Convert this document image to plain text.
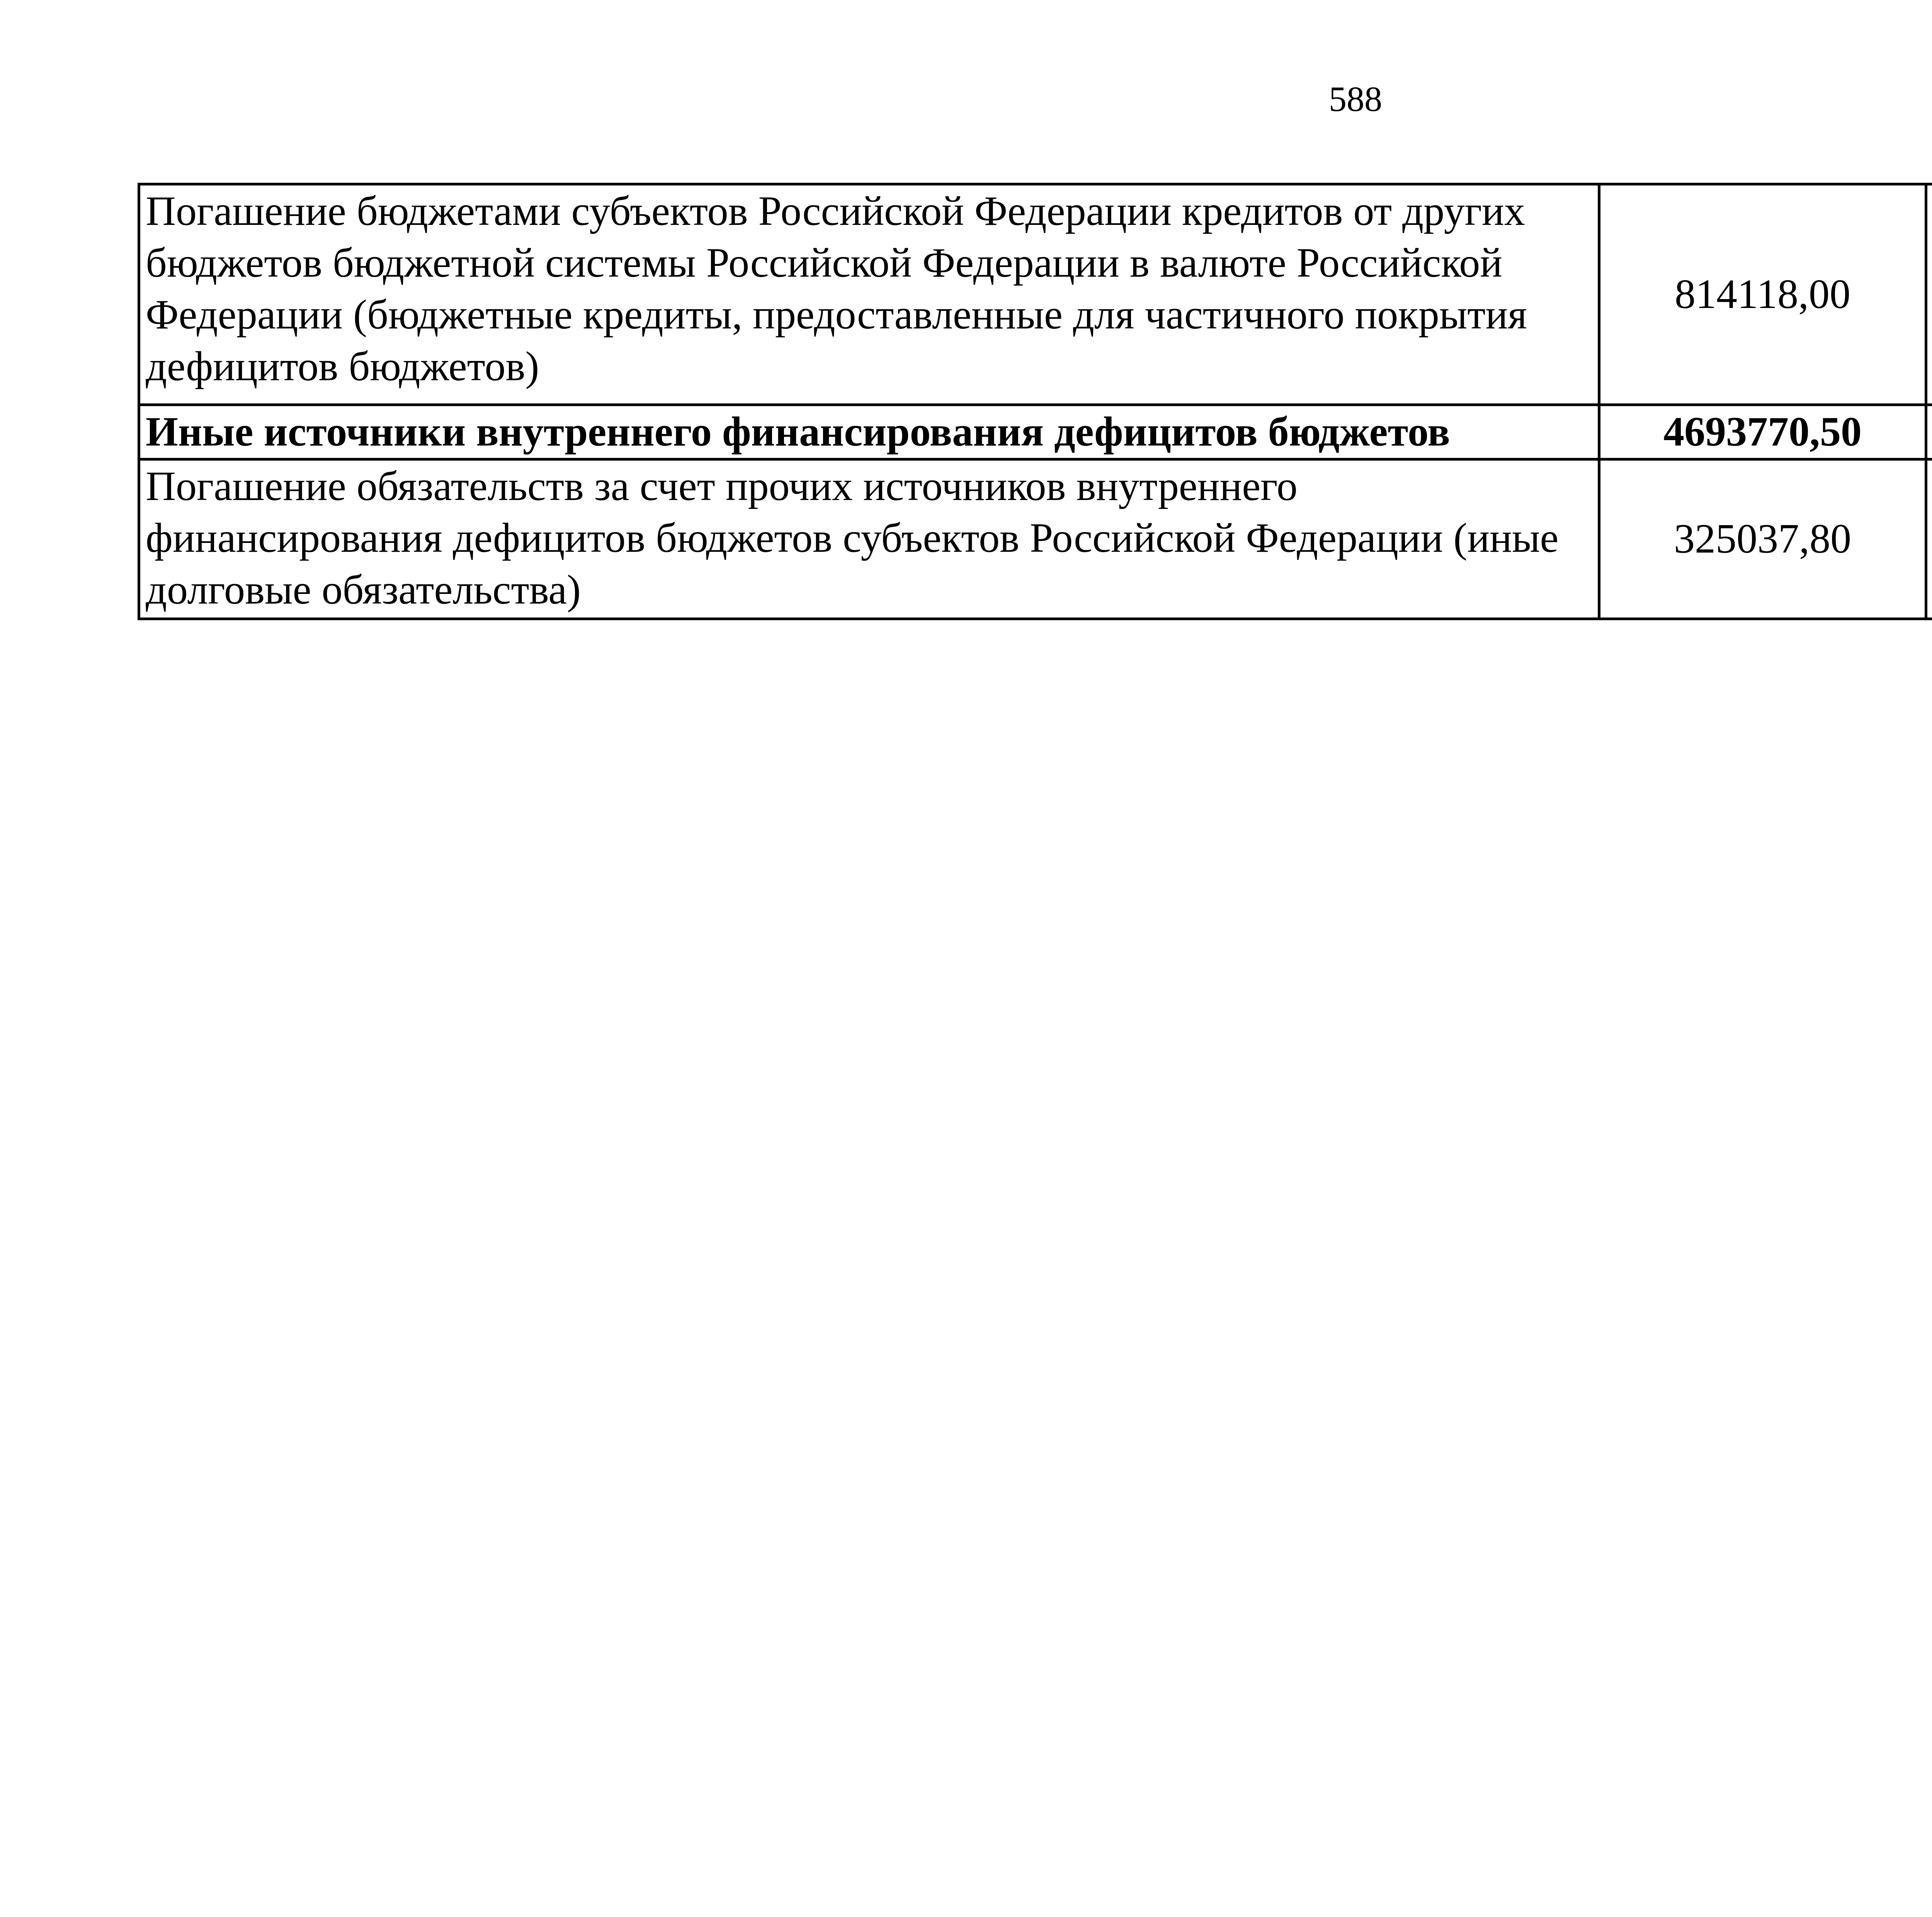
588
Погашение бюджетами субъектов Российской Федерации кредитов от других бюджетов бюджетной системы Российской Федерации в валюте Российской Федерации (бюджетные кредиты, предоставленные для частичного покрытия дефицитов бюджетов)	814118,00		
Иные источники внутреннего финансирования дефицитов бюджетов	4693770,50		
Погашение обязательств за счет прочих источников внутреннего финансирования дефицитов бюджетов субъектов Российской Федерации (иные долговые обязательства)	325037,80		
